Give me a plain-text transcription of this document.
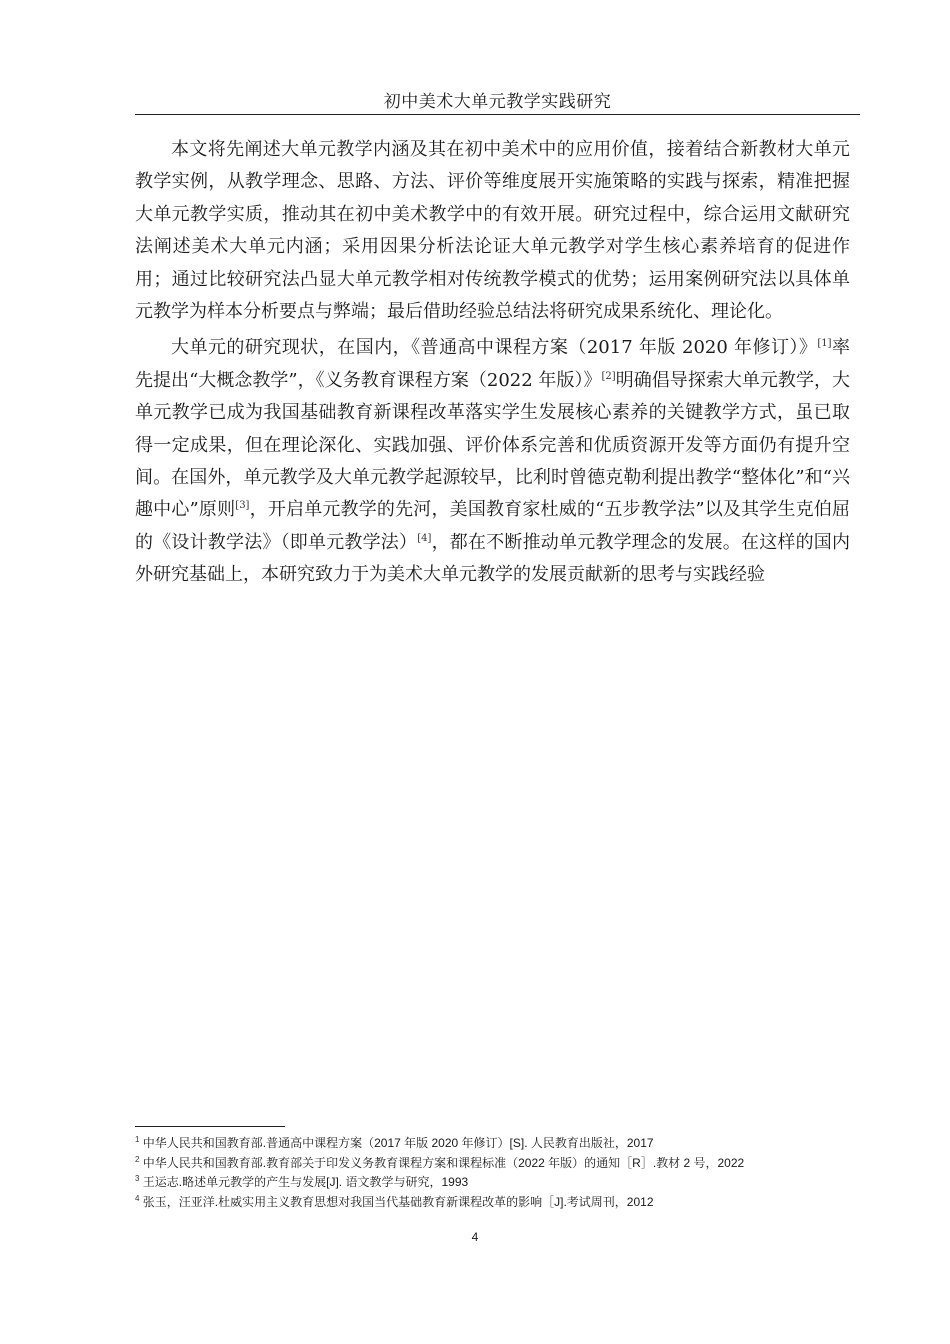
初中美术大单元教学实践研究

本文将先阐述大单元教学内涵及其在初中美术中的应用价值，接着结合新教材大单元教学实例，从教学理念、思路、方法、评价等维度展开实施策略的实践与探索，精准把握大单元教学实质，推动其在初中美术教学中的有效开展。研究过程中，综合运用文献研究法阐述美术大单元内涵；采用因果分析法论证大单元教学对学生核心素养培育的促进作用；通过比较研究法凸显大单元教学相对传统教学模式的优势；运用案例研究法以具体单元教学为样本分析要点与弊端；最后借助经验总结法将研究成果系统化、理论化。

大单元的研究现状，在国内，《普通高中课程方案（2017 年版 2020 年修订）》[1]率先提出“大概念教学”，《义务教育课程方案（2022 年版）》[2]明确倡导探索大单元教学，大单元教学已成为我国基础教育新课程改革落实学生发展核心素养的关键教学方式，虽已取得一定成果，但在理论深化、实践加强、评价体系完善和优质资源开发等方面仍有提升空间。在国外，单元教学及大单元教学起源较早，比利时曾德克勒利提出教学“整体化”和“兴趣中心”原则[3]，开启单元教学的先河，美国教育家杜威的“五步教学法”以及其学生克伯屈的《设计教学法》（即单元教学法）[4]，都在不断推动单元教学理念的发展。在这样的国内外研究基础上，本研究致力于为美术大单元教学的发展贡献新的思考与实践经验

$^1$ 中华人民共和国教育部.普通高中课程方案（2017 年版 2020 年修订）[S]. 人民教育出版社，2017
$^2$ 中华人民共和国教育部.教育部关于印发义务教育课程方案和课程标准（2022 年版）的通知［R］.教材 2 号，2022
$^3$ 王运志.略述单元教学的产生与发展[J]. 语文教学与研究，1993
$^4$ 张玉，汪亚洋.杜威实用主义教育思想对我国当代基础教育新课程改革的影响［J].考试周刊，2012
4
